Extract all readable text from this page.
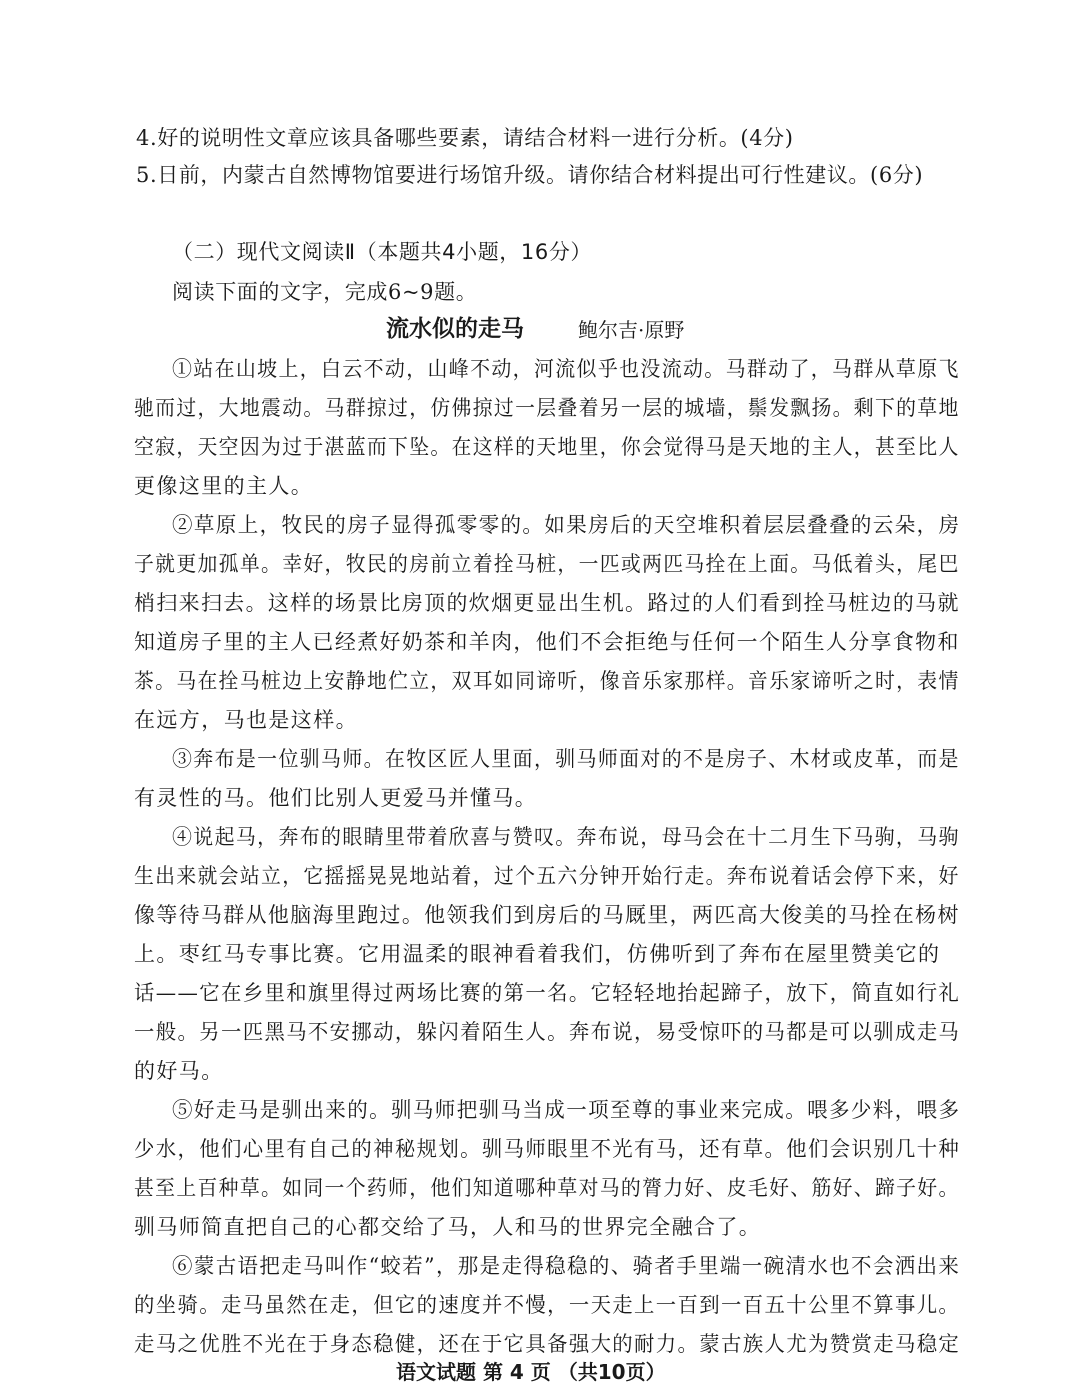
4.好的说明性文章应该具备哪些要素，请结合材料一进行分析。(4分)
5.日前，内蒙古自然博物馆要进行场馆升级。请你结合材料提出可行性建议。(6分)
（二）现代文阅读Ⅱ（本题共4小题，16分）
阅读下面的文字，完成6~9题。
流水似的走马	鲍尔吉·原野
①站在山坡上，白云不动，山峰不动，河流似乎也没流动。马群动了，马群从草原飞
驰而过，大地震动。马群掠过，仿佛掠过一层叠着另一层的城墙，鬃发飘扬。剩下的草地
空寂，天空因为过于湛蓝而下坠。在这样的天地里，你会觉得马是天地的主人，甚至比人
更像这里的主人。
②草原上，牧民的房子显得孤零零的。如果房后的天空堆积着层层叠叠的云朵，房
子就更加孤单。幸好，牧民的房前立着拴马桩，一匹或两匹马拴在上面。马低着头，尾巴
梢扫来扫去。这样的场景比房顶的炊烟更显出生机。路过的人们看到拴马桩边的马就
知道房子里的主人已经煮好奶茶和羊肉，他们不会拒绝与任何一个陌生人分享食物和
茶。马在拴马桩边上安静地伫立，双耳如同谛听，像音乐家那样。音乐家谛听之时，表情
在远方，马也是这样。
③奔布是一位驯马师。在牧区匠人里面，驯马师面对的不是房子、木材或皮革，而是
有灵性的马。他们比别人更爱马并懂马。
④说起马，奔布的眼睛里带着欣喜与赞叹。奔布说，母马会在十二月生下马驹，马驹
生出来就会站立，它摇摇晃晃地站着，过个五六分钟开始行走。奔布说着话会停下来，好
像等待马群从他脑海里跑过。他领我们到房后的马厩里，两匹高大俊美的马拴在杨树
上。枣红马专事比赛。它用温柔的眼神看着我们，仿佛听到了奔布在屋里赞美它的
话——它在乡里和旗里得过两场比赛的第一名。它轻轻地抬起蹄子，放下，简直如行礼
一般。另一匹黑马不安挪动，躲闪着陌生人。奔布说，易受惊吓的马都是可以驯成走马
的好马。
⑤好走马是驯出来的。驯马师把驯马当成一项至尊的事业来完成。喂多少料，喂多
少水，他们心里有自己的神秘规划。驯马师眼里不光有马，还有草。他们会识别几十种
甚至上百种草。如同一个药师，他们知道哪种草对马的膂力好、皮毛好、筋好、蹄子好。
驯马师简直把自己的心都交给了马，人和马的世界完全融合了。
⑥蒙古语把走马叫作“蛟若”，那是走得稳稳的、骑者手里端一碗清水也不会洒出来
的坐骑。走马虽然在走，但它的速度并不慢，一天走上一百到一百五十公里不算事儿。
走马之优胜不光在于身态稳健，还在于它具备强大的耐力。蒙古族人尤为赞赏走马稳定
语文试题 第 4 页 （共10页）
